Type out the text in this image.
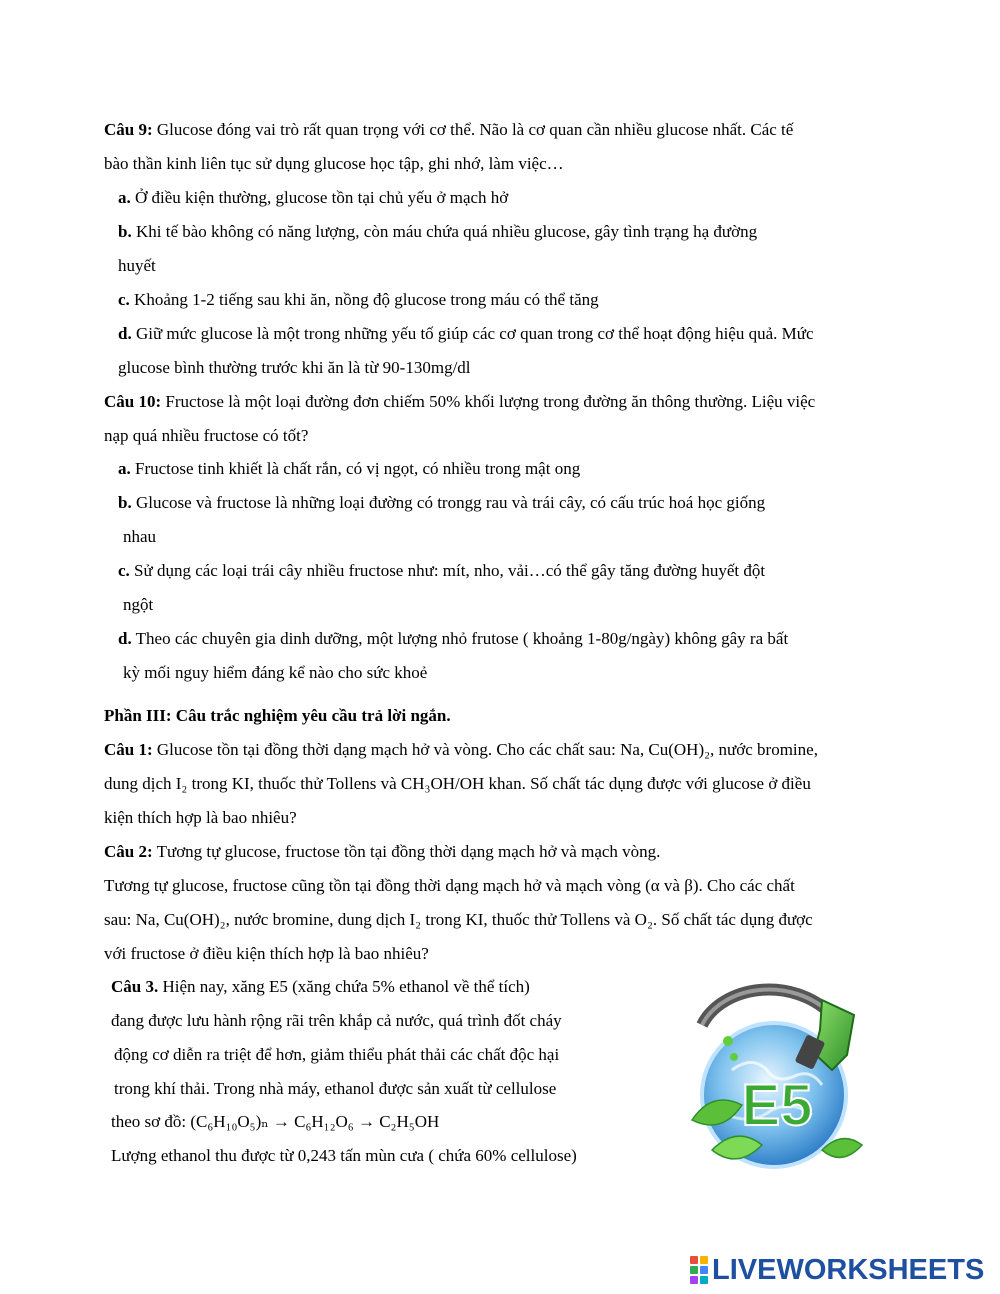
Câu 9: Glucose đóng vai trò rất quan trọng với cơ thể. Não là cơ quan cần nhiều glucose nhất. Các tế
bào thần kinh liên tục sử dụng glucose học tập, ghi nhớ, làm việc…
a. Ở điều kiện thường, glucose tồn tại chủ yếu ở mạch hở
b. Khi tế bào không có năng lượng, còn máu chứa quá nhiều glucose, gây tình trạng hạ đường
huyết
c. Khoảng 1-2 tiếng sau khi ăn, nồng độ glucose trong máu có thể tăng
d. Giữ mức glucose là một trong những yếu tố giúp các cơ quan trong cơ thể hoạt động hiệu quả. Mức
glucose bình thường trước khi ăn là từ 90-130mg/dl
Câu 10: Fructose là một loại đường đơn chiếm 50% khối lượng trong đường ăn thông thường. Liệu việc
nạp quá nhiều fructose có tốt?
a. Fructose tinh khiết là chất rắn, có vị ngọt, có nhiều trong mật ong
b. Glucose và fructose là những loại đường có trongg rau và trái cây, có cấu trúc hoá học giống
nhau
c. Sử dụng các loại trái cây nhiều fructose như: mít, nho, vải…có thể gây tăng đường huyết đột
ngột
d. Theo các chuyên gia dinh dưỡng, một lượng nhỏ frutose ( khoảng 1-80g/ngày) không gây ra bất
kỳ mối nguy hiểm đáng kể nào cho sức khoẻ
Phần III: Câu trắc nghiệm yêu cầu trả lời ngắn.
Câu 1: Glucose tồn tại đồng thời dạng mạch hở và vòng. Cho các chất sau: Na, Cu(OH)₂, nước bromine,
dung dịch I₂ trong KI, thuốc thử Tollens và CH₃OH/OH khan. Số chất tác dụng được với glucose ở điều
kiện thích hợp là bao nhiêu?
Câu 2: Tương tự glucose, fructose tồn tại đồng thời dạng mạch hở và mạch vòng.
Tương tự glucose, fructose cũng tồn tại đồng thời dạng mạch hở và mạch vòng (α và β). Cho các chất
sau: Na, Cu(OH)₂, nước bromine, dung dịch I₂ trong KI, thuốc thử Tollens và O₂. Số chất tác dụng được
với fructose ở điều kiện thích hợp là bao nhiêu?
Câu 3. Hiện nay, xăng E5 (xăng chứa 5% ethanol về thể tích)
đang được lưu hành rộng rãi trên khắp cả nước, quá trình đốt cháy
động cơ diễn ra triệt để hơn, giảm thiểu phát thải các chất độc hại
trong khí thải. Trong nhà máy, ethanol được sản xuất từ cellulose
theo sơ đồ: (C₆H₁₀O₅)ₙ → C₆H₁₂O₆ → C₂H₅OH
Lượng ethanol thu được từ 0,243 tấn mùn cưa ( chứa 60% cellulose)
E5
LIVEWORKSHEETS
